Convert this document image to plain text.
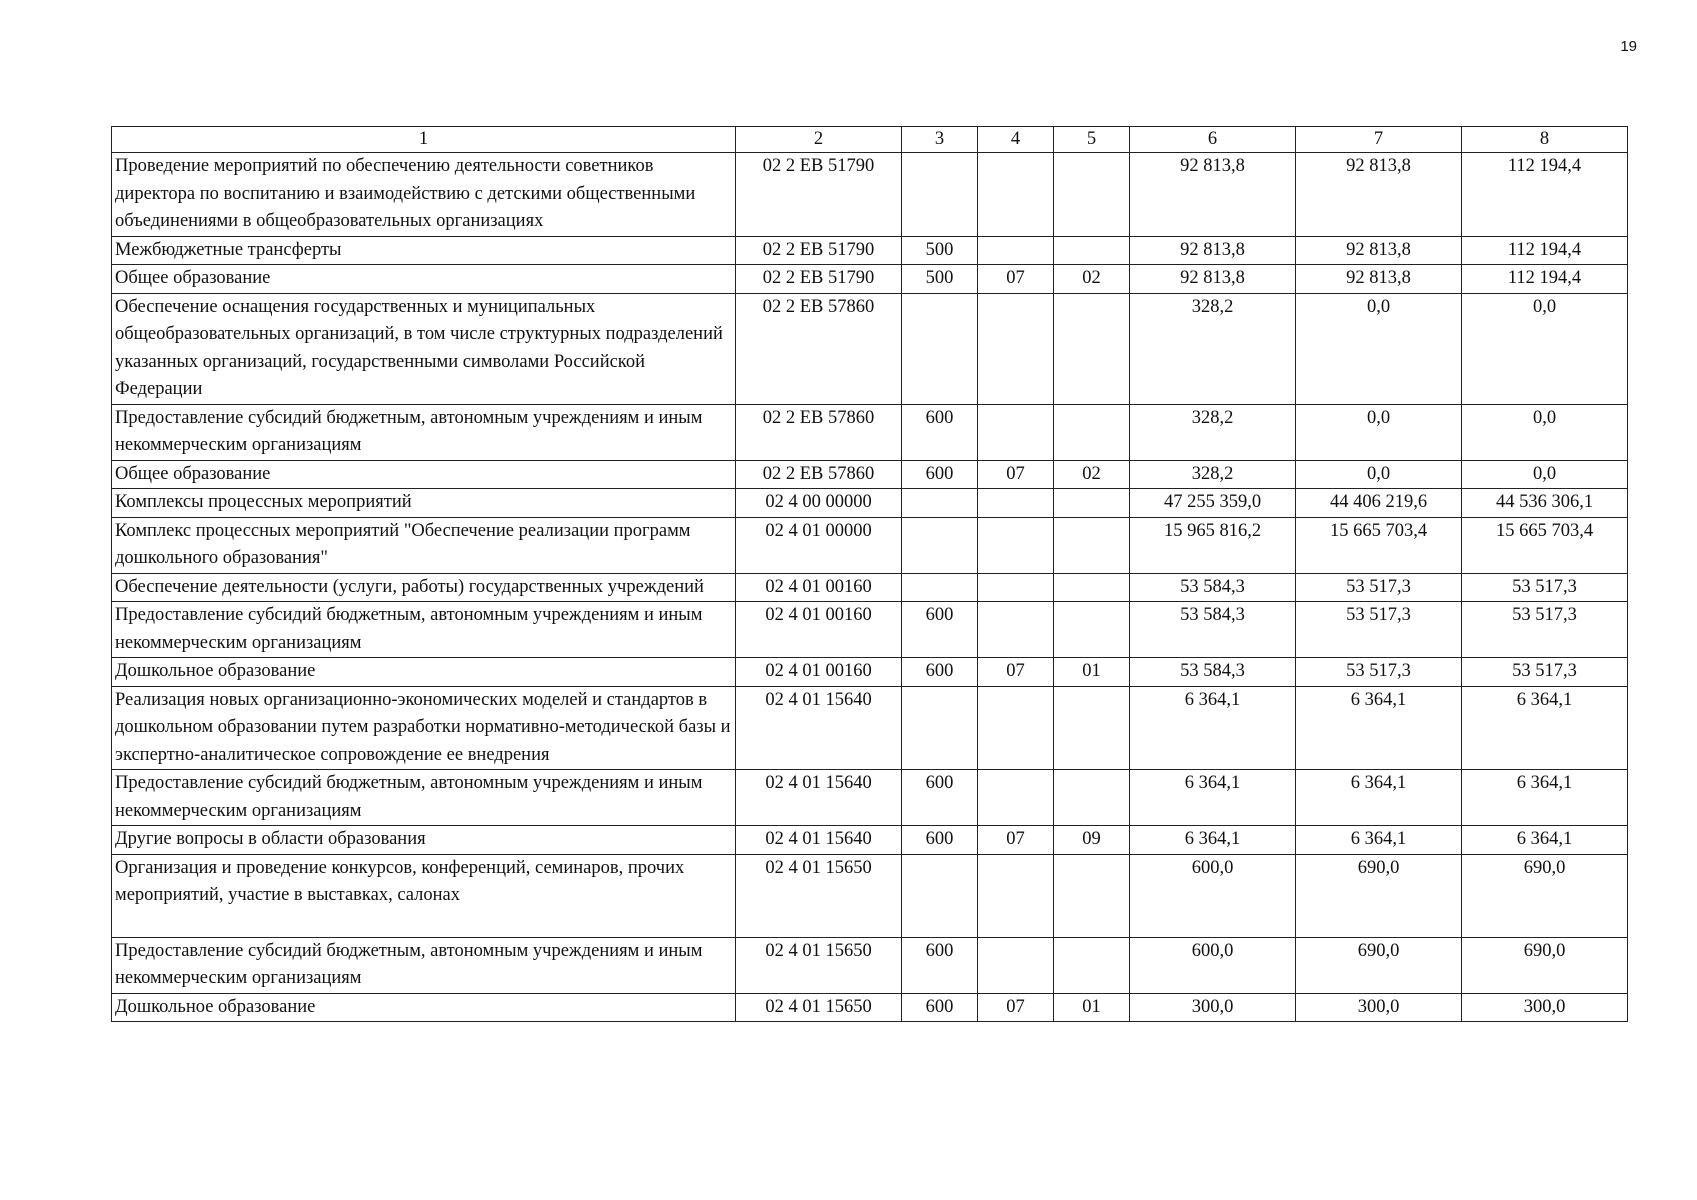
19
1	2	3	4	5	6	7	8
Проведение мероприятий по обеспечению деятельности советников директора по воспитанию и взаимодействию с детскими общественными объединениями в общеобразовательных организациях	02 2 EB 51790				92 813,8	92 813,8	112 194,4
Межбюджетные трансферты	02 2 EB 51790	500			92 813,8	92 813,8	112 194,4
Общее образование	02 2 EB 51790	500	07	02	92 813,8	92 813,8	112 194,4
Обеспечение оснащения государственных и муниципальных общеобразовательных организаций, в том числе структурных подразделений указанных организаций, государственными символами Российской Федерации	02 2 EB 57860				328,2	0,0	0,0
Предоставление субсидий бюджетным, автономным учреждениям и иным некоммерческим организациям	02 2 EB 57860	600			328,2	0,0	0,0
Общее образование	02 2 EB 57860	600	07	02	328,2	0,0	0,0
Комплексы процессных мероприятий	02 4 00 00000				47 255 359,0	44 406 219,6	44 536 306,1
Комплекс процессных мероприятий "Обеспечение реализации программ дошкольного образования"	02 4 01 00000				15 965 816,2	15 665 703,4	15 665 703,4
Обеспечение деятельности (услуги, работы) государственных учреждений	02 4 01 00160				53 584,3	53 517,3	53 517,3
Предоставление субсидий бюджетным, автономным учреждениям и иным некоммерческим организациям	02 4 01 00160	600			53 584,3	53 517,3	53 517,3
Дошкольное образование	02 4 01 00160	600	07	01	53 584,3	53 517,3	53 517,3
Реализация новых организационно-экономических моделей и стандартов в дошкольном образовании путем разработки нормативно-методической базы и экспертно-аналитическое сопровождение ее внедрения	02 4 01 15640				6 364,1	6 364,1	6 364,1
Предоставление субсидий бюджетным, автономным учреждениям и иным некоммерческим организациям	02 4 01 15640	600			6 364,1	6 364,1	6 364,1
Другие вопросы в области образования	02 4 01 15640	600	07	09	6 364,1	6 364,1	6 364,1
Организация и проведение конкурсов, конференций, семинаров, прочих мероприятий, участие в выставках, салонах	02 4 01 15650				600,0	690,0	690,0
Предоставление субсидий бюджетным, автономным учреждениям и иным некоммерческим организациям	02 4 01 15650	600			600,0	690,0	690,0
Дошкольное образование	02 4 01 15650	600	07	01	300,0	300,0	300,0
